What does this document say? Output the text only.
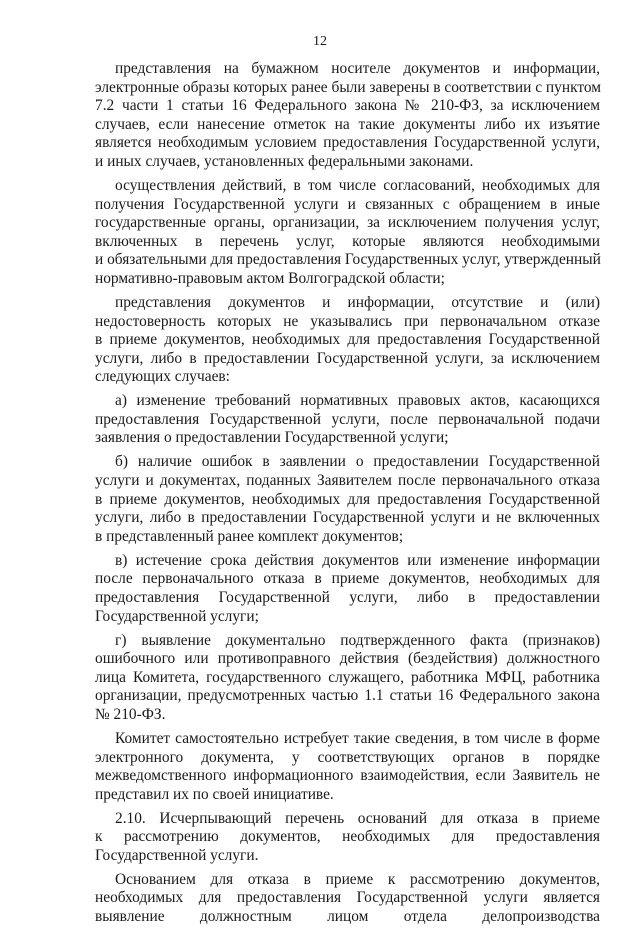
12
представления на бумажном носителе документов и информации,
электронные образы которых ранее были заверены в соответствии с пунктом
7.2 части 1 статьи 16 Федерального закона № 210-ФЗ, за исключением
случаев, если нанесение отметок на такие документы либо их изъятие
является необходимым условием предоставления Государственной услуги,
и иных случаев, установленных федеральными законами.
осуществления действий, в том числе согласований, необходимых для
получения Государственной услуги и связанных с обращением в иные
государственные органы, организации, за исключением получения услуг,
включенных в перечень услуг, которые являются необходимыми
и обязательными для предоставления Государственных услуг, утвержденный
нормативно-правовым актом Волгоградской области;
представления документов и информации, отсутствие и (или)
недостоверность которых не указывались при первоначальном отказе
в приеме документов, необходимых для предоставления Государственной
услуги, либо в предоставлении Государственной услуги, за исключением
следующих случаев:
а) изменение требований нормативных правовых актов, касающихся
предоставления Государственной услуги, после первоначальной подачи
заявления о предоставлении Государственной услуги;
б) наличие ошибок в заявлении о предоставлении Государственной
услуги и документах, поданных Заявителем после первоначального отказа
в приеме документов, необходимых для предоставления Государственной
услуги, либо в предоставлении Государственной услуги и не включенных
в представленный ранее комплект документов;
в) истечение срока действия документов или изменение информации
после первоначального отказа в приеме документов, необходимых для
предоставления Государственной услуги, либо в предоставлении
Государственной услуги;
г) выявление документально подтвержденного факта (признаков)
ошибочного или противоправного действия (бездействия) должностного
лица Комитета, государственного служащего, работника МФЦ, работника
организации, предусмотренных частью 1.1 статьи 16 Федерального закона
№ 210-ФЗ.
Комитет самостоятельно истребует такие сведения, в том числе в форме
электронного документа, у соответствующих органов в порядке
межведомственного информационного взаимодействия, если Заявитель не
представил их по своей инициативе.
2.10. Исчерпывающий перечень оснований для отказа в приеме
к рассмотрению документов, необходимых для предоставления
Государственной услуги.
Основанием для отказа в приеме к рассмотрению документов,
необходимых для предоставления Государственной услуги является
выявление должностным лицом отдела делопроизводства
